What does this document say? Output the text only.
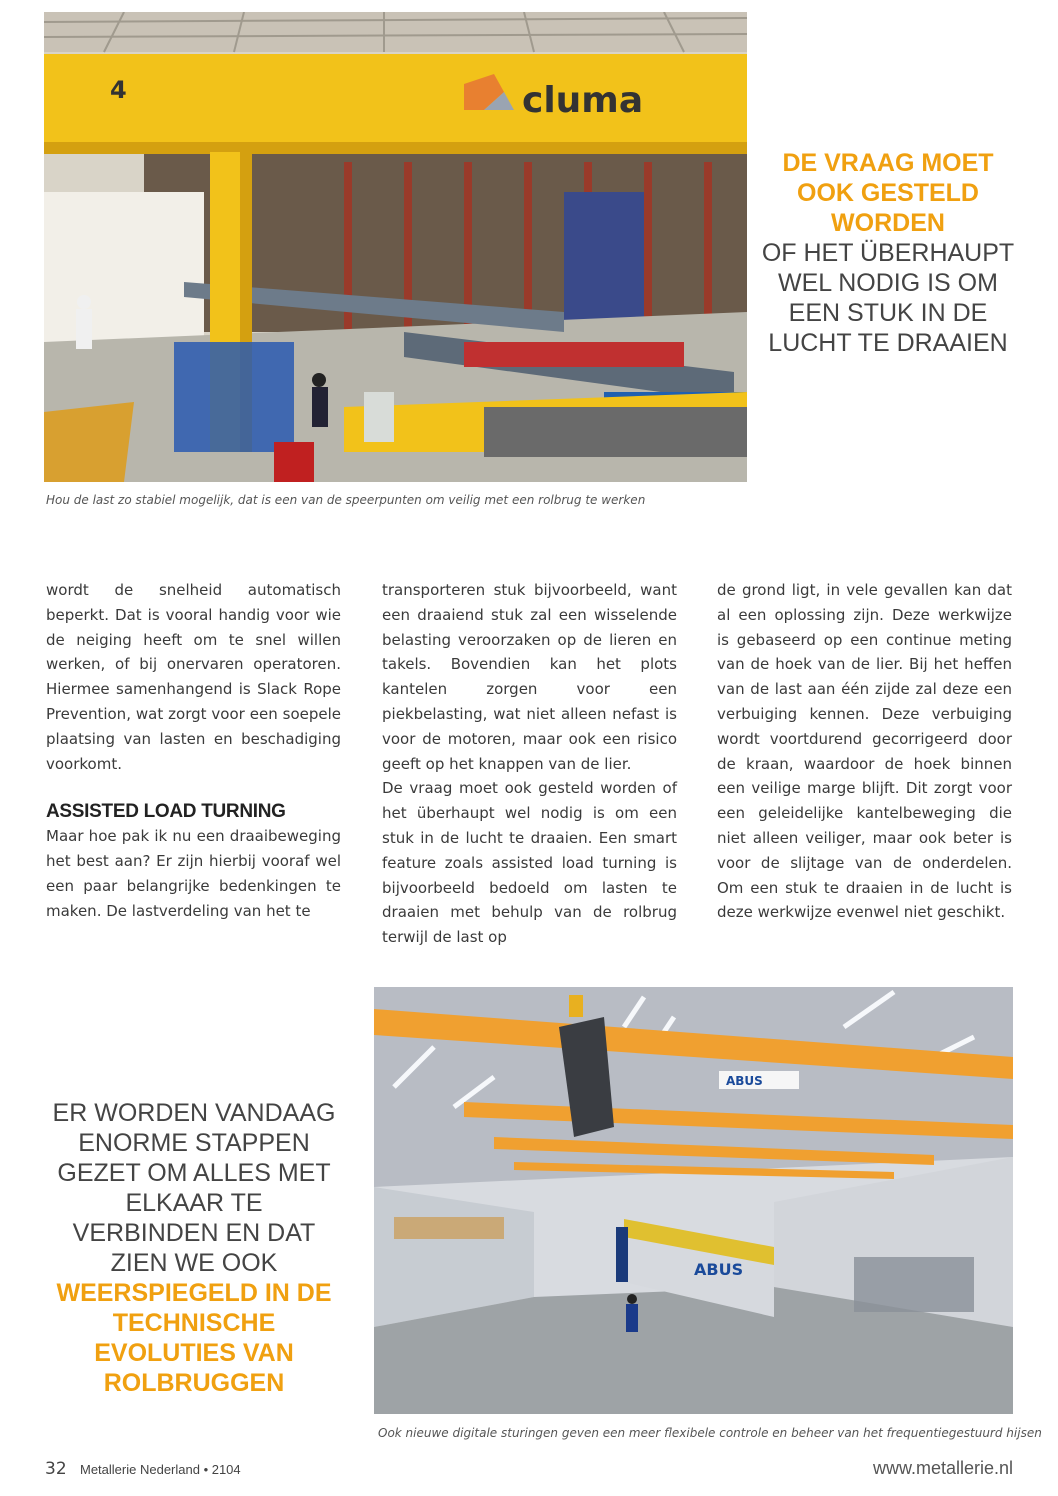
cluma
4
Hou de last zo stabiel mogelijk, dat is een van de speerpunten om veilig met een rolbrug te werken
DE VRAAG MOET OOK GESTELD WORDEN
OF HET ÜBERHAUPT WEL NODIG IS OM EEN STUK IN DE LUCHT TE DRAAIEN

wordt de snelheid automatisch beperkt. Dat is vooral handig voor wie de neiging heeft om te snel willen werken, of bij onervaren operatoren. Hiermee samenhangend is Slack Rope Prevention, wat zorgt voor een soepele plaatsing van lasten en beschadiging voorkomt.

ASSISTED LOAD TURNING

Maar hoe pak ik nu een draaibeweging het best aan? Er zijn hierbij vooraf wel een paar belangrijke bedenkingen te maken. De lastverdeling van het te

transporteren stuk bijvoorbeeld, want een draaiend stuk zal een wisselende belasting veroorzaken op de lieren en takels. Bovendien kan het plots kantelen zorgen voor een piekbelasting, wat niet alleen nefast is voor de motoren, maar ook een risico geeft op het knappen van de lier.

De vraag moet ook gesteld worden of het überhaupt wel nodig is om een stuk in de lucht te draaien. Een smart feature zoals assisted load turning is bijvoorbeeld bedoeld om lasten te draaien met behulp van de rolbrug terwijl de last op

de grond ligt, in vele gevallen kan dat al een oplossing zijn. Deze werkwijze is gebaseerd op een continue meting van de hoek van de lier. Bij het heffen van de last aan één zijde zal deze een verbuiging kennen. Deze verbuiging wordt voortdurend gecorrigeerd door de kraan, waardoor de hoek binnen een veilige marge blijft. Dit zorgt voor een geleidelijke kantelbeweging die niet alleen veiliger, maar ook beter is voor de slijtage van de onderdelen. Om een stuk te draaien in de lucht is deze werkwijze evenwel niet geschikt.

ER WORDEN VANDAAG ENORME STAPPEN GEZET OM ALLES MET ELKAAR TE VERBINDEN EN DAT ZIEN WE OOK
WEERSPIEGELD IN DE TECHNISCHE EVOLUTIES VAN ROLBRUGGEN
ABUS
ABUS
Ook nieuwe digitale sturingen geven een meer flexibele controle en beheer van het frequentiegestuurd hijsen
32 Metallerie Nederland • 2104	www.metallerie.nl
